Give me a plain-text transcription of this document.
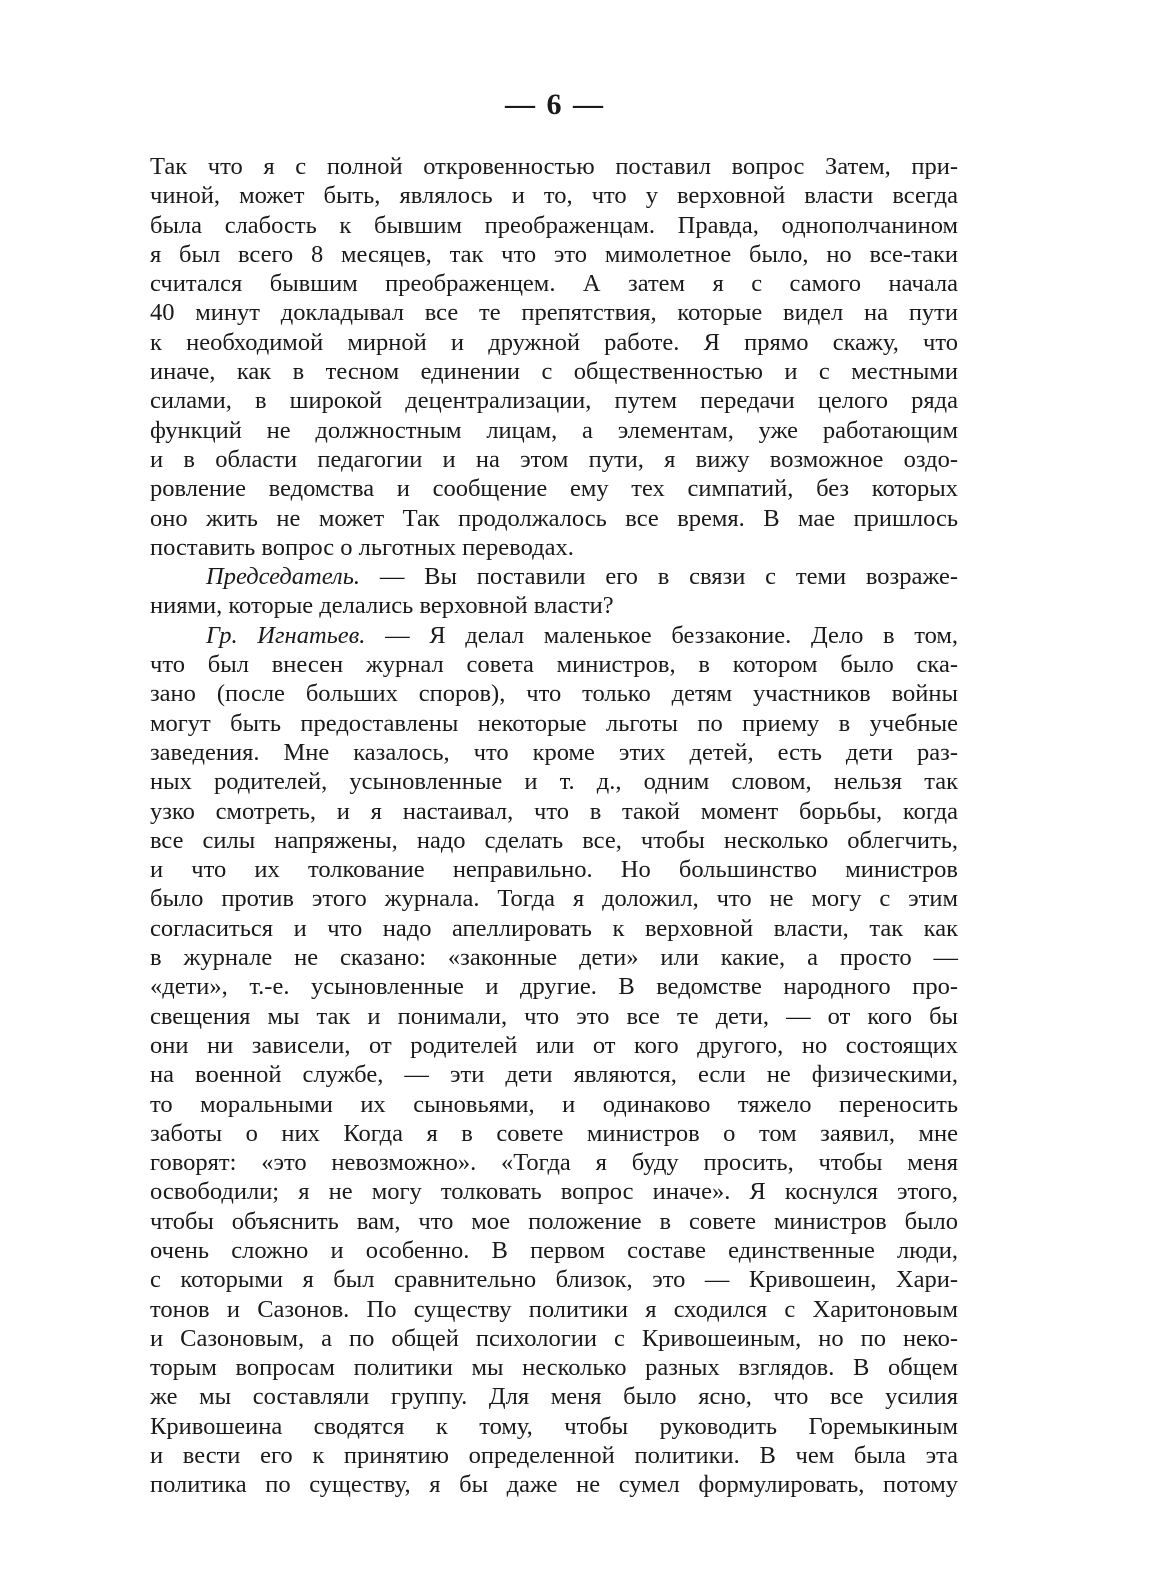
— 6 —
Так что я с полной откровенностью поставил вопрос Затем, при-
чиной, может быть, являлось и то, что у верховной власти всегда
была слабость к бывшим преображенцам. Правда, однополчанином
я был всего 8 месяцев, так что это мимолетное было, но все-таки
считался бывшим преображенцем. А затем я с самого начала
40 минут докладывал все те препятствия, которые видел на пути
к необходимой мирной и дружной работе. Я прямо скажу, что
иначе, как в тесном единении с общественностью и с местными
силами, в широкой децентрализации, путем передачи целого ряда
функций не должностным лицам, а элементам, уже работающим
и в области педагогии и на этом пути, я вижу возможное оздо-
ровление ведомства и сообщение ему тех симпатий, без которых
оно жить не может Так продолжалось все время. В мае пришлось
поставить вопрос о льготных переводах.
Председатель. — Вы поставили его в связи с теми возраже-
ниями, которые делались верховной власти?
Гр. Игнатьев. — Я делал маленькое беззаконие. Дело в том,
что был внесен журнал совета министров, в котором было ска-
зано (после больших споров), что только детям участников войны
могут быть предоставлены некоторые льготы по приему в учебные
заведения. Мне казалось, что кроме этих детей, есть дети раз-
ных родителей, усыновленные и т. д., одним словом, нельзя так
узко смотреть, и я настаивал, что в такой момент борьбы, когда
все силы напряжены, надо сделать все, чтобы несколько облегчить,
и что их толкование неправильно. Но большинство министров
было против этого журнала. Тогда я доложил, что не могу с этим
согласиться и что надо апеллировать к верховной власти, так как
в журнале не сказано: «законные дети» или какие, а просто —
«дети», т.-е. усыновленные и другие. В ведомстве народного про-
свещения мы так и понимали, что это все те дети, — от кого бы
они ни зависели, от родителей или от кого другого, но состоящих
на военной службе, — эти дети являются, если не физическими,
то моральными их сыновьями, и одинаково тяжело переносить
заботы о них Когда я в совете министров о том заявил, мне
говорят: «это невозможно». «Тогда я буду просить, чтобы меня
освободили; я не могу толковать вопрос иначе». Я коснулся этого,
чтобы объяснить вам, что мое положение в совете министров было
очень сложно и особенно. В первом составе единственные люди,
с которыми я был сравнительно близок, это — Кривошеин, Хари-
тонов и Сазонов. По существу политики я сходился с Харитоновым
и Сазоновым, а по общей психологии с Кривошеиным, но по неко-
торым вопросам политики мы несколько разных взглядов. В общем
же мы составляли группу. Для меня было ясно, что все усилия
Кривошеина сводятся к тому, чтобы руководить Горемыкиным
и вести его к принятию определенной политики. В чем была эта
политика по существу, я бы даже не сумел формулировать, потому
